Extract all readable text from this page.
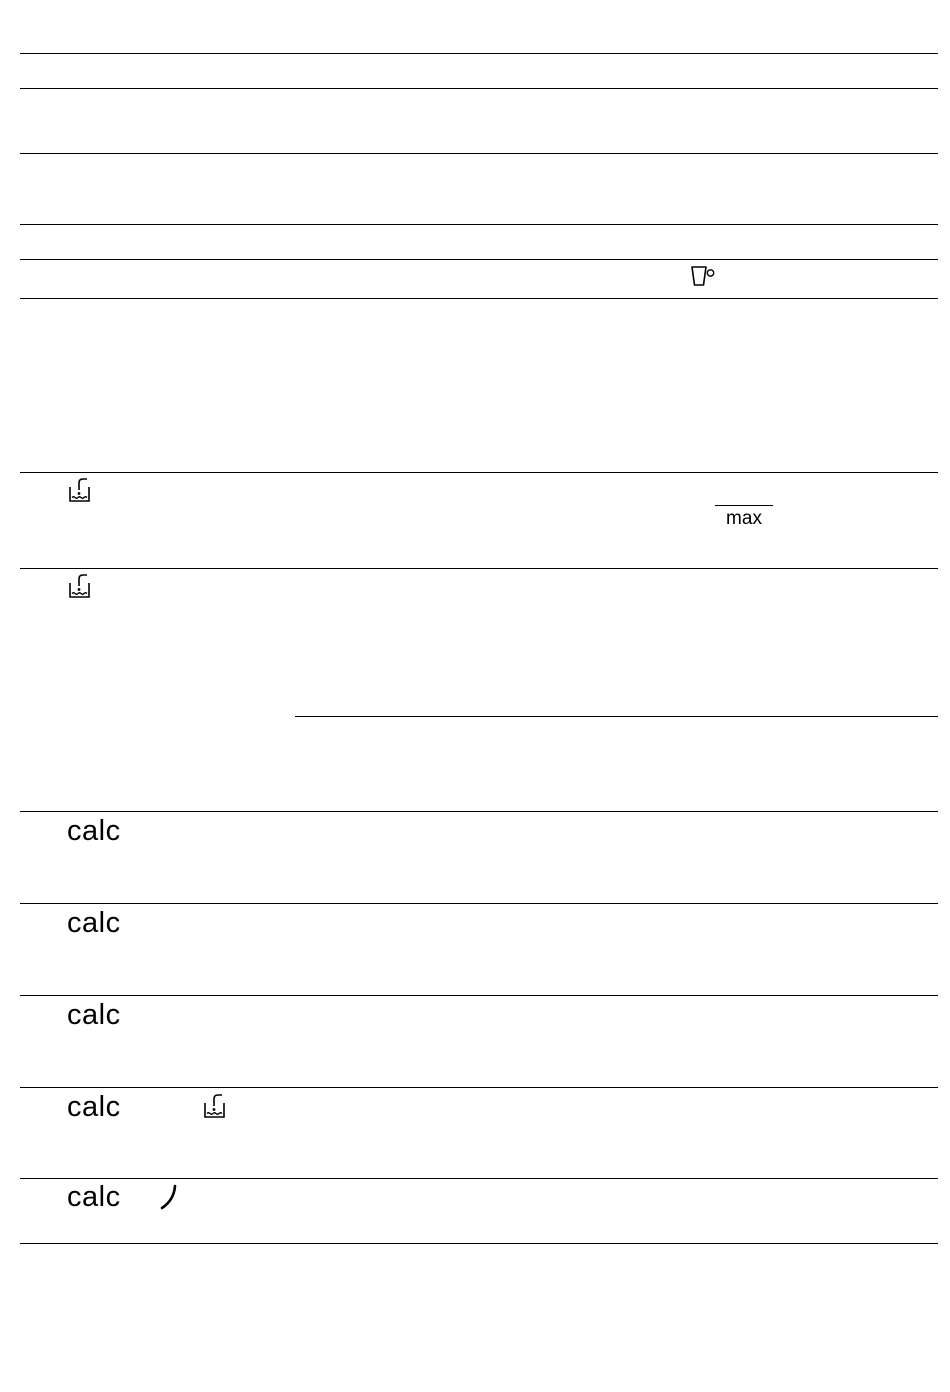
max
calc
calc
calc
calc
calc
